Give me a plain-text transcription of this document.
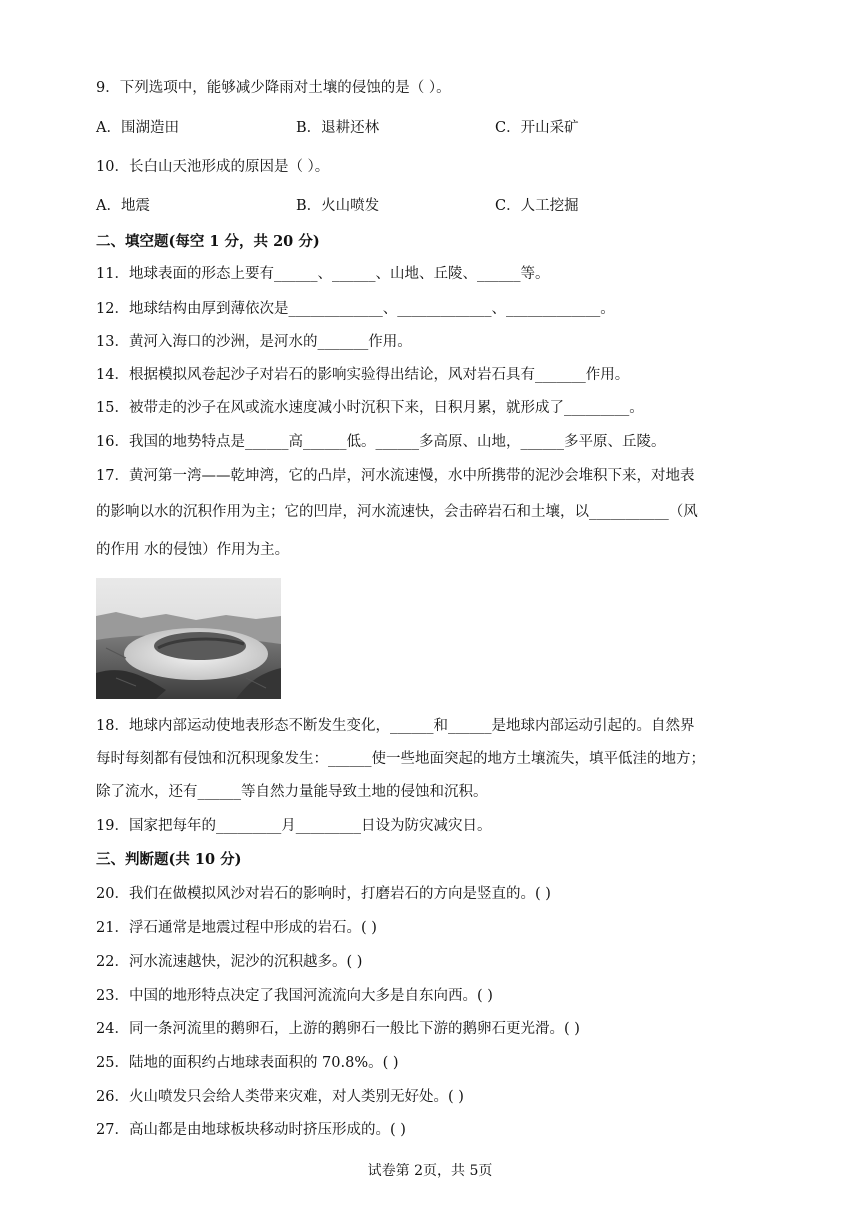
9．下列选项中，能够减少降雨对土壤的侵蚀的是（ ）。
A．围湖造田	B．退耕还林	C．开山采矿
10．长白山天池形成的原因是（ ）。
A．地震	B．火山喷发	C．人工挖掘
二、填空题(每空 1 分，共 20 分)
11．地球表面的形态上要有______、______、山地、丘陵、______等。
12．地球结构由厚到薄依次是_____________、_____________、_____________。
13．黄河入海口的沙洲，是河水的_______作用。
14．根据模拟风卷起沙子对岩石的影响实验得出结论，风对岩石具有_______作用。
15．被带走的沙子在风或流水速度减小时沉积下来，日积月累，就形成了_________。
16．我国的地势特点是______高______低。______多高原、山地，______多平原、丘陵。
17．黄河第一湾——乾坤湾，它的凸岸，河水流速慢，水中所携带的泥沙会堆积下来，对地表
的影响以水的沉积作用为主；它的凹岸，河水流速快，会击碎岩石和土壤，以___________（风
的作用 水的侵蚀）作用为主。
18．地球内部运动使地表形态不断发生变化，______和______是地球内部运动引起的。自然界
每时每刻都有侵蚀和沉积现象发生：______使一些地面突起的地方土壤流失，填平低洼的地方；
除了流水，还有______等自然力量能导致土地的侵蚀和沉积。
19．国家把每年的_________月_________日设为防灾减灾日。
三、判断题(共 10 分)
20．我们在做模拟风沙对岩石的影响时，打磨岩石的方向是竖直的。( )
21．浮石通常是地震过程中形成的岩石。( )
22．河水流速越快，泥沙的沉积越多。( )
23．中国的地形特点决定了我国河流流向大多是自东向西。( )
24．同一条河流里的鹅卵石，上游的鹅卵石一般比下游的鹅卵石更光滑。( )
25．陆地的面积约占地球表面积的 70.8%。( )
26．火山喷发只会给人类带来灾难，对人类别无好处。( )
27．高山都是由地球板块移动时挤压形成的。( )
试卷第 2页，共 5页
